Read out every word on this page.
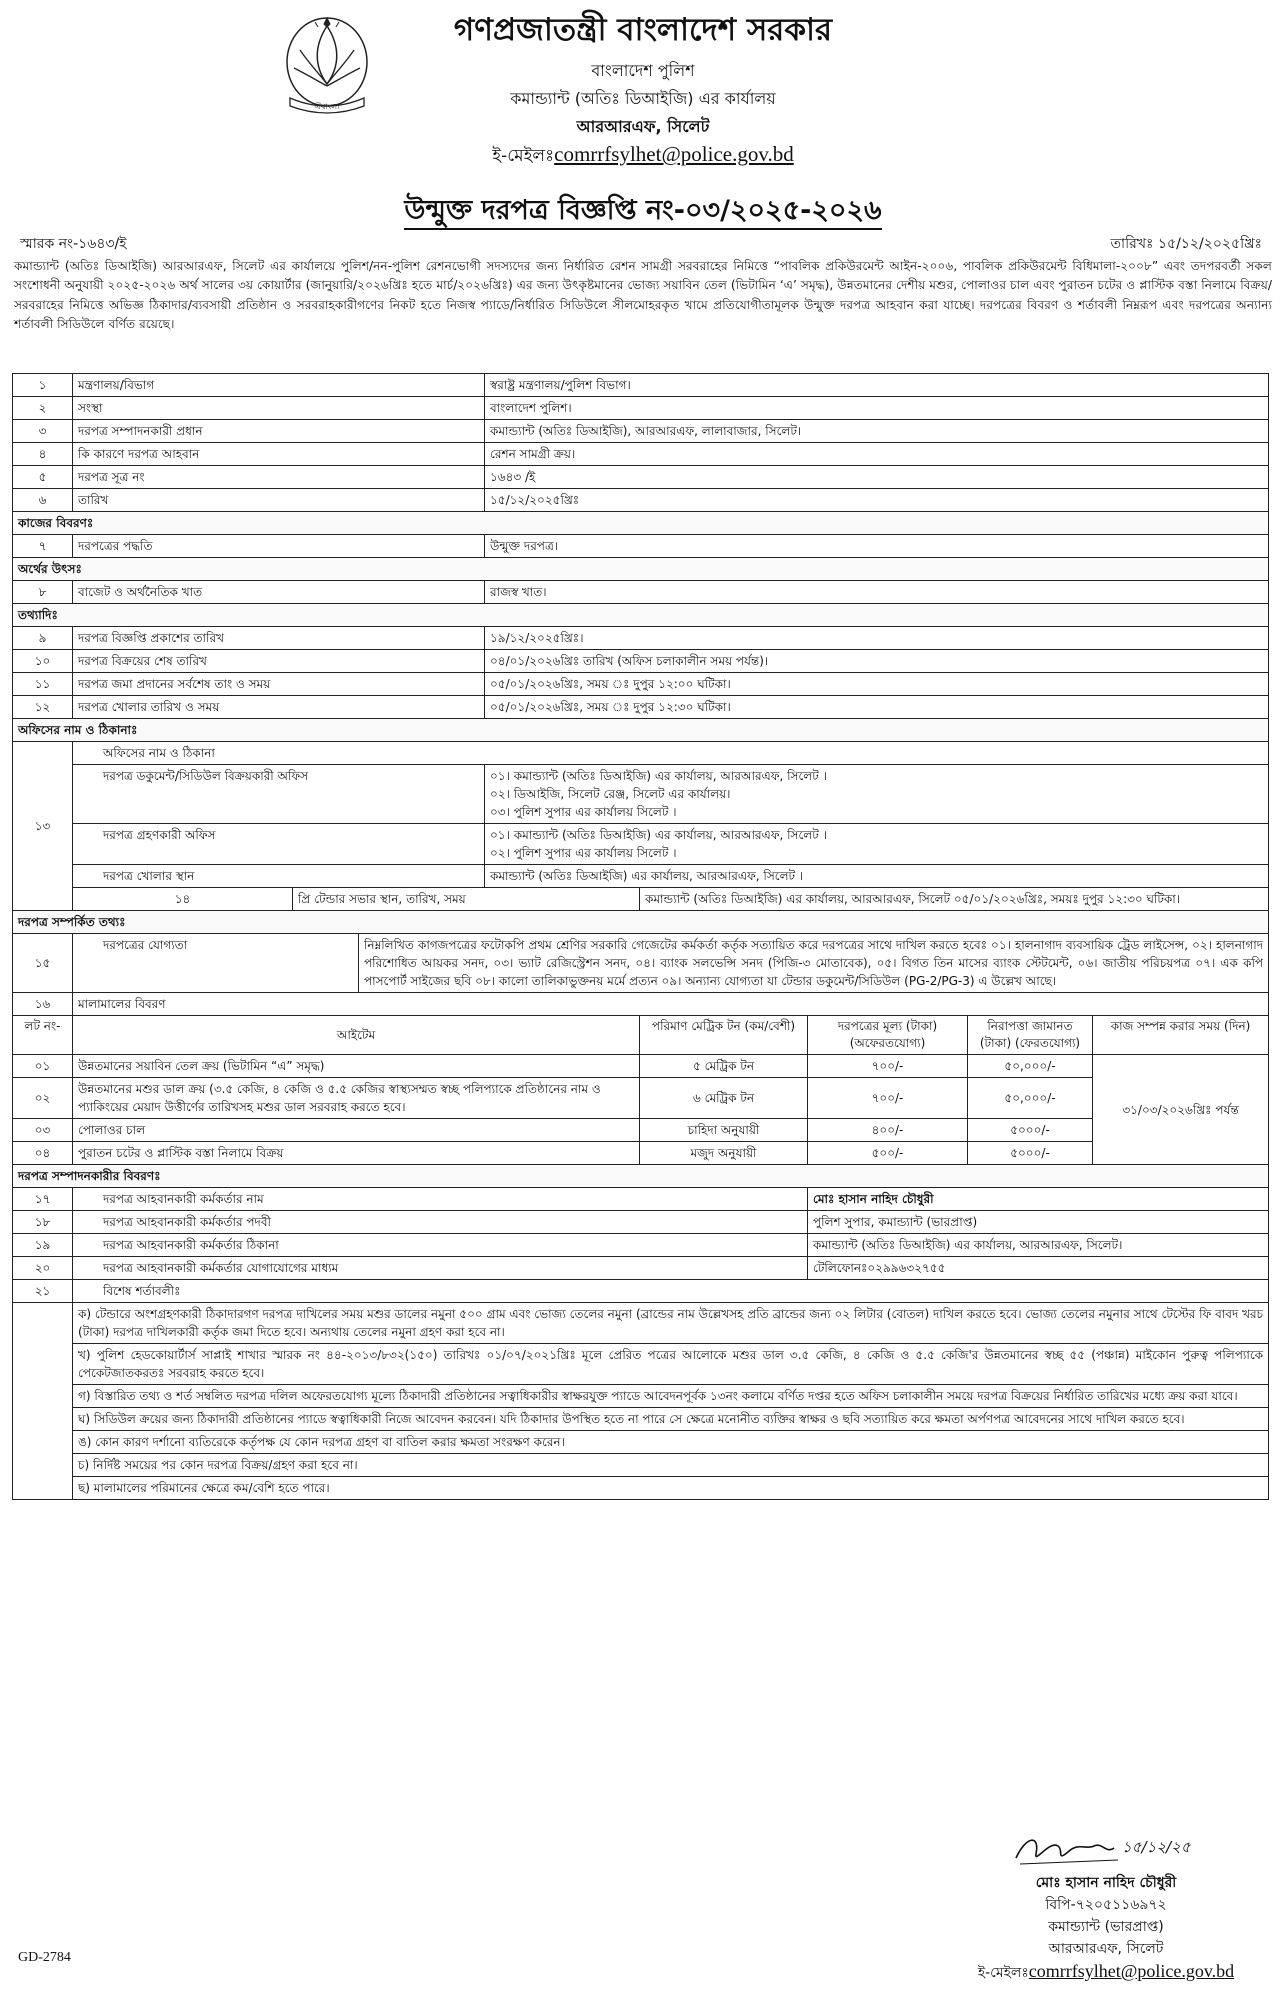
ঐবাংলা
গণপ্রজাতন্ত্রী বাংলাদেশ সরকার
বাংলাদেশ পুলিশ
কমান্ড্যান্ট (অতিঃ ডিআইজি) এর কার্যালয়
আরআরএফ, সিলেট
ই-মেইলঃcomrrfsylhet@police.gov.bd
উন্মুক্ত দরপত্র বিজ্ঞপ্তি নং-০৩/২০২৫-২০২৬
স্মারক নং-১৬৪৩/ই	তারিখঃ ১৫/১২/২০২৫খ্রিঃ

কমান্ড্যান্ট (অতিঃ ডিআইজি) আরআরএফ, সিলেট এর কার্যালয়ে পুলিশ/নন-পুলিশ রেশনভোগী সদস্যদের জন্য নির্ধারিত রেশন সামগ্রী সরবরাহের নিমিত্তে “পাবলিক প্রকিউরমেন্ট আইন-২০০৬, পাবলিক প্রকিউরমেন্ট বিধিমালা-২০০৮” এবং তদপরবর্তী সকল সংশোধনী অনুযায়ী ২০২৫-২০২৬ অর্থ সালের ৩য় কোয়ার্টার (জানুয়ারি/২০২৬খ্রিঃ হতে মার্চ/২০২৬খ্রিঃ) এর জন্য উৎকৃষ্টমানের ভোজ্য সয়াবিন তেল (ভিটামিন ‘এ’ সমৃদ্ধ), উন্নতমানের দেশীয় মশুর, পোলাওর চাল এবং পুরাতন চটের ও প্লাস্টিক বস্তা নিলামে বিক্রয়/সরবরাহের নিমিত্তে অভিজ্ঞ ঠিকাদার/ব্যবসায়ী প্রতিষ্ঠান ও সরবরাহকারীগণের নিকট হতে নিজস্ব প্যাডে/নির্ধারিত সিডিউলে সীলমোহরকৃত খামে প্রতিযোগীতামূলক উন্মুক্ত দরপত্র আহবান করা যাচ্ছে। দরপত্রের বিবরণ ও শর্তাবলী নিম্নরূপ এবং দরপত্রের অন্যান্য শর্তাবলী সিডিউলে বর্ণিত রয়েছে।

১	মন্ত্রণালয়/বিভাগ			স্বরাষ্ট্র মন্ত্রণালয়/পুলিশ বিভাগ।				
২	সংস্থা			বাংলাদেশ পুলিশ।				
৩	দরপত্র সম্পাদনকারী প্রধান			কমান্ড্যান্ট (অতিঃ ডিআইজি), আরআরএফ, লালাবাজার, সিলেট।				
৪	কি কারণে দরপত্র আহবান			রেশন সামগ্রী ক্রয়।				
৫	দরপত্র সূত্র নং			১৬৪৩ /ই				
৬	তারিখ			১৫/১২/২০২৫খ্রিঃ				
কাজের বিবরণঃ								
৭	দরপত্রের পদ্ধতি			উন্মুক্ত দরপত্র।				
অর্থের উৎসঃ								
৮	বাজেট ও অর্থনৈতিক খাত			রাজস্ব খাত।				
তথ্যাদিঃ								
৯	দরপত্র বিজ্ঞপ্তি প্রকাশের তারিখ			১৯/১২/২০২৫খ্রিঃ।				
১০	দরপত্র বিক্রয়ের শেষ তারিখ			০৪/০১/২০২৬খ্রিঃ তারিখ (অফিস চলাকালীন সময় পর্যন্ত)।				
১১	দরপত্র জমা প্রদানের সর্বশেষ তাং ও সময়			০৫/০১/২০২৬খ্রিঃ, সময় ঃ দুপুর ১২:০০ ঘটিকা।				
১২	দরপত্র খোলার তারিখ ও সময়			০৫/০১/২০২৬খ্রিঃ, সময় ঃ দুপুর ১২:৩০ ঘটিকা।				
অফিসের নাম ও ঠিকানাঃ								
১৩	অফিসের নাম ও ঠিকানা							
	দরপত্র ডকুমেন্ট/সিডিউল বিক্রয়কারী অফিস			০১। কমান্ড্যান্ট (অতিঃ ডিআইজি) এর কার্যালয়, আরআরএফ, সিলেট ।
০২। ডিআইজি, সিলেট রেঞ্জ, সিলেট এর কার্যালয়।
০৩। পুলিশ সুপার এর কার্যালয় সিলেট ।				

	দরপত্র গ্রহণকারী অফিস			০১। কমান্ড্যান্ট (অতিঃ ডিআইজি) এর কার্যালয়, আরআরএফ, সিলেট ।
০২। পুলিশ সুপার এর কার্যালয় সিলেট ।				

	দরপত্র খোলার স্থান			কমান্ড্যান্ট (অতিঃ ডিআইজি) এর কার্যালয়, আরআরএফ, সিলেট ।				
	১৪	প্রি টেন্ডার সভার স্থান, তারিখ, সময়			কমান্ড্যান্ট (অতিঃ ডিআইজি) এর কার্যালয়, আরআরএফ, সিলেট ০৫/০১/২০২৬খ্রিঃ, সময়ঃ দুপুর ১২:৩০ ঘটিকা।			
দরপত্র সম্পর্কিত তথ্যঃ								
১৫	দরপত্রের যোগ্যতা		নিম্নলিখিত কাগজপত্রের ফটোকপি প্রথম শ্রেণির সরকারি গেজেটের কর্মকর্তা কর্তৃক সত্যায়িত করে দরপত্রের সাথে দাখিল করতে হবেঃ ০১। হালনাগাদ ব্যবসায়িক ট্রেড লাইসেন্স, ০২। হালনাগাদ পরিশোধিত আয়কর সনদ, ০৩। ভ্যাট রেজিস্ট্রেশন সনদ, ০৪। ব্যাংক সলভেন্সি সনদ (পিজি-৩ মোতাবেক), ০৫। বিগত তিন মাসের ব্যাংক স্টেটমেন্ট, ০৬। জাতীয় পরিচয়পত্র ০৭। এক কপি পাসপোর্ট সাইজের ছবি ০৮। কালো তালিকাভুক্তনয় মর্মে প্রত্যন ০৯। অন্যান্য যোগ্যতা যা টেন্ডার ডকুমেন্ট/সিডিউল (PG-2/PG-3) এ উল্লেখ আছে।					
১৬	মালামালের বিবরণ							
লট নং-	আইটেম				পরিমাণ মেট্রিক টন (কম/বেশী)	দরপত্রের মূল্য (টাকা) (অফেরতযোগ্য)	নিরাপত্তা জামানত (টাকা) (ফেরতযোগ্য)	কাজ সম্পন্ন করার সময় (দিন)
০১	উন্নতমানের সয়াবিন তেল ক্রয় (ভিটামিন “এ” সমৃদ্ধ)				৫ মেট্রিক টন	৭০০/-	৫০,০০০/-	৩১/০৩/২০২৬খ্রিঃ পর্যন্ত
০২	উন্নতমানের মশুর ডাল ক্রয় (৩.৫ কেজি, ৪ কেজি ও ৫.৫ কেজির স্বাস্থ্যসম্মত স্বচ্ছ পলিপ্যাকে প্রতিষ্ঠানের নাম ও প্যাকিংয়ের মেয়াদ উত্তীর্ণের তারিখসহ মশুর ডাল সরবরাহ করতে হবে।				৬ মেট্রিক টন	৭০০/-	৫০,০০০/-	
০৩	পোলাওর চাল				চাহিদা অনুযায়ী	৪০০/-	৫০০০/-	
০৪	পুরাতন চটের ও প্লাস্টিক বস্তা নিলামে বিক্রয়				মজুদ অনুযায়ী	৫০০/-	৫০০০/-	
দরপত্র সম্পাদনকারীর বিবরণঃ								
১৭	দরপত্র আহবানকারী কর্মকর্তার নাম					মোঃ হাসান নাহিদ চৌধুরী		
১৮	দরপত্র আহবানকারী কর্মকর্তার পদবী					পুলিশ সুপার, কমান্ড্যান্ট (ভারপ্রাপ্ত)		
১৯	দরপত্র আহবানকারী কর্মকর্তার ঠিকানা					কমান্ড্যান্ট (অতিঃ ডিআইজি) এর কার্যালয়, আরআরএফ, সিলেট।		
২০	দরপত্র আহবানকারী কর্মকর্তার যোগাযোগের মাধ্যম					টেলিফোনঃ০২৯৯৬৩২৭৫৫		
২১	বিশেষ শর্তাবলীঃ							
	ক) টেন্ডারে অংশগ্রহণকারী ঠিকাদারগণ দরপত্র দাখিলের সময় মশুর ডালের নমুনা ৫০০ গ্রাম এবং ভোজ্য তেলের নমুনা (ব্রান্ডের নাম উল্লেখসহ প্রতি ব্রান্ডের জন্য ০২ লিটার (বোতল) দাখিল করতে হবে। ভোজ্য তেলের নমুনার সাথে টেস্টের ফি বাবদ খরচ (টাকা) দরপত্র দাখিলকারী কর্তৃক জমা দিতে হবে। অন্যথায় তেলের নমুনা গ্রহণ করা হবে না।							
	খ) পুলিশ হেডকোয়ার্টার্স সাপ্লাই শাখার স্মারক নং ৪৪-২০১৩/৮৩২(১৫০) তারিখঃ ০১/০৭/২০২১খ্রিঃ মূলে প্রেরিত পত্রের আলোকে মশুর ডাল ৩.৫ কেজি, ৪ কেজি ও ৫.৫ কেজি'র উন্নতমানের স্বচ্ছ ৫৫ (পঞ্চান্ন) মাইকোন পুরুত্ব পলিপ্যাকে পেকেটজাতকরতঃ সরবরাহ করতে হবে।							
	গ) বিস্তারিত তথ্য ও শর্ত সম্বলিত দরপত্র দলিল অফেরতযোগ্য মূল্যে ঠিকাদারী প্রতিষ্ঠানের সত্বাধিকারীর স্বাক্ষরযুক্ত প্যাডে আবেদনপূর্বক ১৩নং কলামে বর্ণিত দপ্তর হতে অফিস চলাকালীন সময়ে দরপত্র বিক্রয়ের নির্ধারিত তারিখের মধ্যে ক্রয় করা যাবে।							
	ঘ) সিডিউল ক্রয়ের জন্য ঠিকাদারী প্রতিষ্ঠানের প্যাডে স্বত্বাধিকারী নিজে আবেদন করবেন। যদি ঠিকাদার উপস্থিত হতে না পারে সে ক্ষেত্রে মনোনীত ব্যক্তির স্বাক্ষর ও ছবি সত্যায়িত করে ক্ষমতা অর্পণপত্র আবেদনের সাথে দাখিল করতে হবে।							
	ঙ) কোন কারণ দর্শানো ব্যতিরেকে কর্তৃপক্ষ যে কোন দরপত্র গ্রহণ বা বাতিল করার ক্ষমতা সংরক্ষণ করেন।							
	চ) নির্দিষ্ট সময়ের পর কোন দরপত্র বিক্রয়/গ্রহণ করা হবে না।							
	ছ) মালামালের পরিমানের ক্ষেত্রে কম/বেশি হতে পারে।							
১৫/১২/২৫
মোঃ হাসান নাহিদ চৌধুরী
বিপি-৭২০৫১১৬৯৭২
কমান্ড্যান্ট (ভারপ্রাপ্ত)
আরআরএফ, সিলেট
ই-মেইলঃcomrrfsylhet@police.gov.bd
GD-2784
